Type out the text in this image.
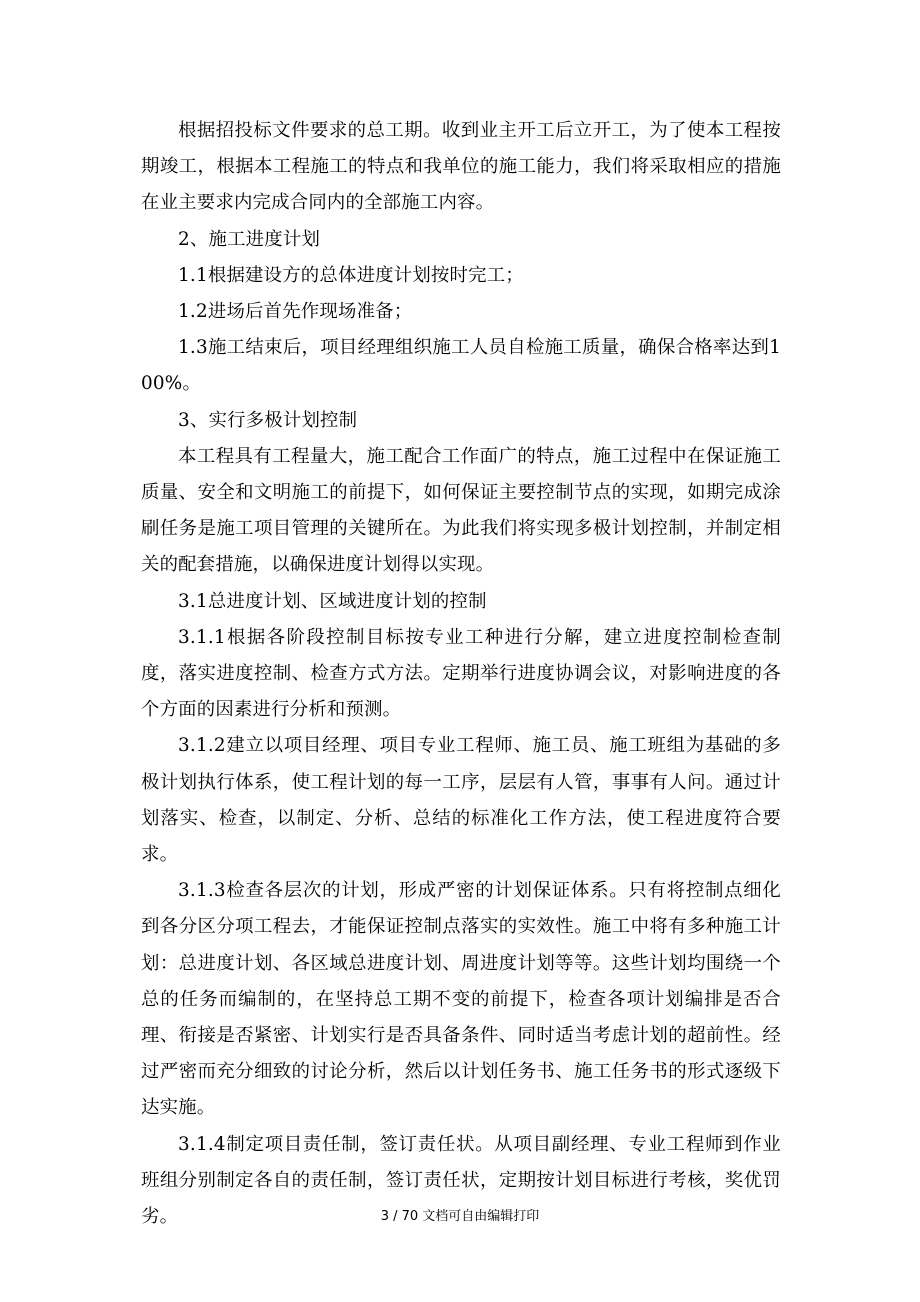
根据招投标文件要求的总工期。收到业主开工后立开工，为了使本工程按期竣工，根据本工程施工的特点和我单位的施工能力，我们将采取相应的措施在业主要求内完成合同内的全部施工内容。

2、施工进度计划

1.1根据建设方的总体进度计划按时完工；

1.2进场后首先作现场准备；

1.3施工结束后，项目经理组织施工人员自检施工质量，确保合格率达到100%。

3、实行多极计划控制

本工程具有工程量大，施工配合工作面广的特点，施工过程中在保证施工质量、安全和文明施工的前提下，如何保证主要控制节点的实现，如期完成涂刷任务是施工项目管理的关键所在。为此我们将实现多极计划控制，并制定相关的配套措施，以确保进度计划得以实现。

3.1总进度计划、区域进度计划的控制

3.1.1根据各阶段控制目标按专业工种进行分解，建立进度控制检查制度，落实进度控制、检查方式方法。定期举行进度协调会议，对影响进度的各个方面的因素进行分析和预测。

3.1.2建立以项目经理、项目专业工程师、施工员、施工班组为基础的多极计划执行体系，使工程计划的每一工序，层层有人管，事事有人问。通过计划落实、检查，以制定、分析、总结的标准化工作方法，使工程进度符合要求。

3.1.3检查各层次的计划，形成严密的计划保证体系。只有将控制点细化到各分区分项工程去，才能保证控制点落实的实效性。施工中将有多种施工计划：总进度计划、各区域总进度计划、周进度计划等等。这些计划均围绕一个总的任务而编制的，在坚持总工期不变的前提下，检查各项计划编排是否合理、衔接是否紧密、计划实行是否具备条件、同时适当考虑计划的超前性。经过严密而充分细致的讨论分析，然后以计划任务书、施工任务书的形式逐级下达实施。

3.1.4制定项目责任制，签订责任状。从项目副经理、专业工程师到作业班组分别制定各自的责任制，签订责任状，定期按计划目标进行考核，奖优罚劣。	3 / 70 文档可自由编辑打印
